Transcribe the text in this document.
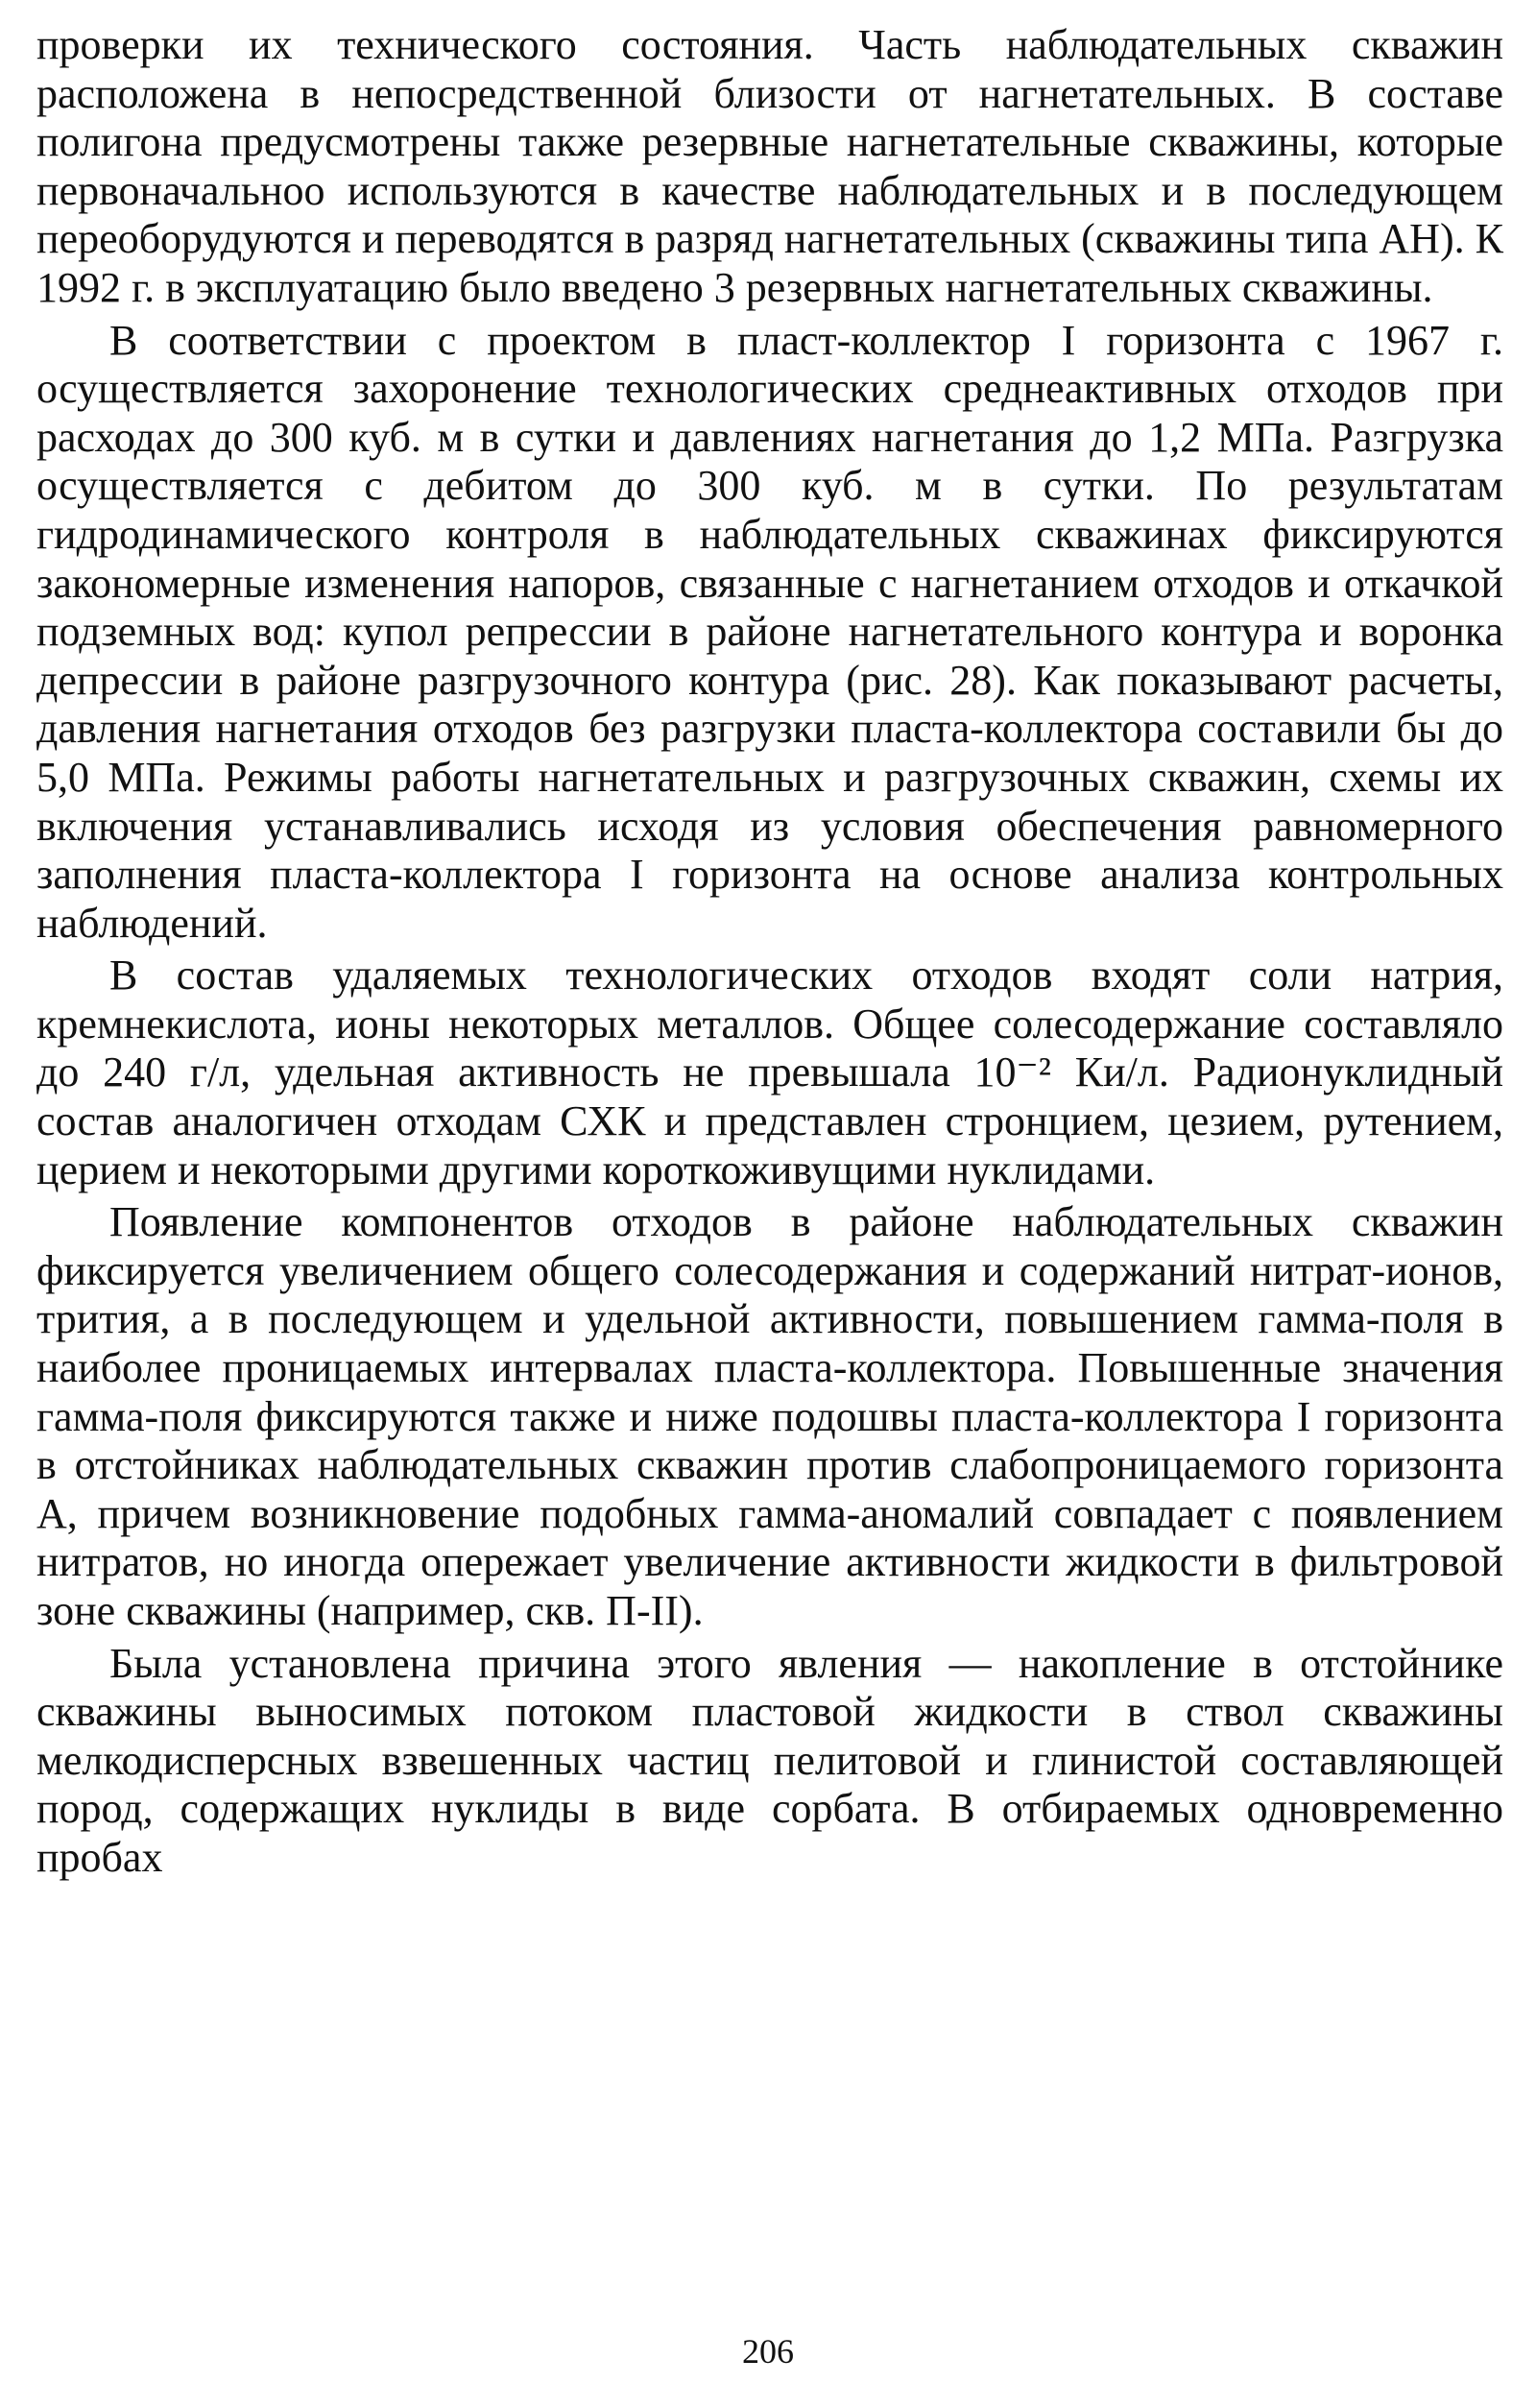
проверки их технического состояния. Часть наблюдательных скважин расположена в непосредственной близости от нагнетательных. В составе полигона предусмотрены также резервные нагнетательные скважины, которые первоначальноо используются в качестве наблюдательных и в последующем переоборудуются и переводятся в разряд нагнетательных (скважины типа АН). К 1992 г. в эксплуатацию было введено 3 резервных нагнетательных скважины.

В соответствии с проектом в пласт-коллектор I горизонта с 1967 г. осуществляется захоронение технологических среднеактивных отходов при расходах до 300 куб. м в сутки и давлениях нагнетания до 1,2 МПа. Разгрузка осуществляется с дебитом до 300 куб. м в сутки. По результатам гидродинамического контроля в наблюдательных скважинах фиксируются закономерные изменения напоров, связанные с нагнетанием отходов и откачкой подземных вод: купол репрессии в районе нагнетательного контура и воронка депрессии в районе разгрузочного контура (рис. 28). Как показывают расчеты, давления нагнетания отходов без разгрузки пласта-коллектора составили бы до 5,0 МПа. Режимы работы нагнетательных и разгрузочных скважин, схемы их включения устанавливались исходя из условия обеспечения равномерного заполнения пласта-коллектора I горизонта на основе анализа контрольных наблюдений.

В состав удаляемых технологических отходов входят соли натрия, кремнекислота, ионы некоторых металлов. Общее солесодержание составляло до 240 г/л, удельная активность не превышала 10⁻² Ки/л. Радионуклидный состав аналогичен отходам СХК и представлен стронцием, цезием, рутением, церием и некоторыми другими короткоживущими нуклидами.

Появление компонентов отходов в районе наблюдательных скважин фиксируется увеличением общего солесодержания и содержаний нитрат-ионов, трития, а в последующем и удельной активности, повышением гамма-поля в наиболее проницаемых интервалах пласта-коллектора. Повышенные значения гамма-поля фиксируются также и ниже подошвы пласта-коллектора I горизонта в отстойниках наблюдательных скважин против слабопроницаемого горизонта А, причем возникновение подобных гамма-аномалий совпадает с появлением нитратов, но иногда опережает увеличение активности жидкости в фильтровой зоне скважины (например, скв. П-II).

Была установлена причина этого явления — накопление в отстойнике скважины выносимых потоком пластовой жидкости в ствол скважины мелкодисперсных взвешенных частиц пелитовой и глинистой составляющей пород, содержащих нуклиды в виде сорбата. В отбираемых одновременно пробах

206
